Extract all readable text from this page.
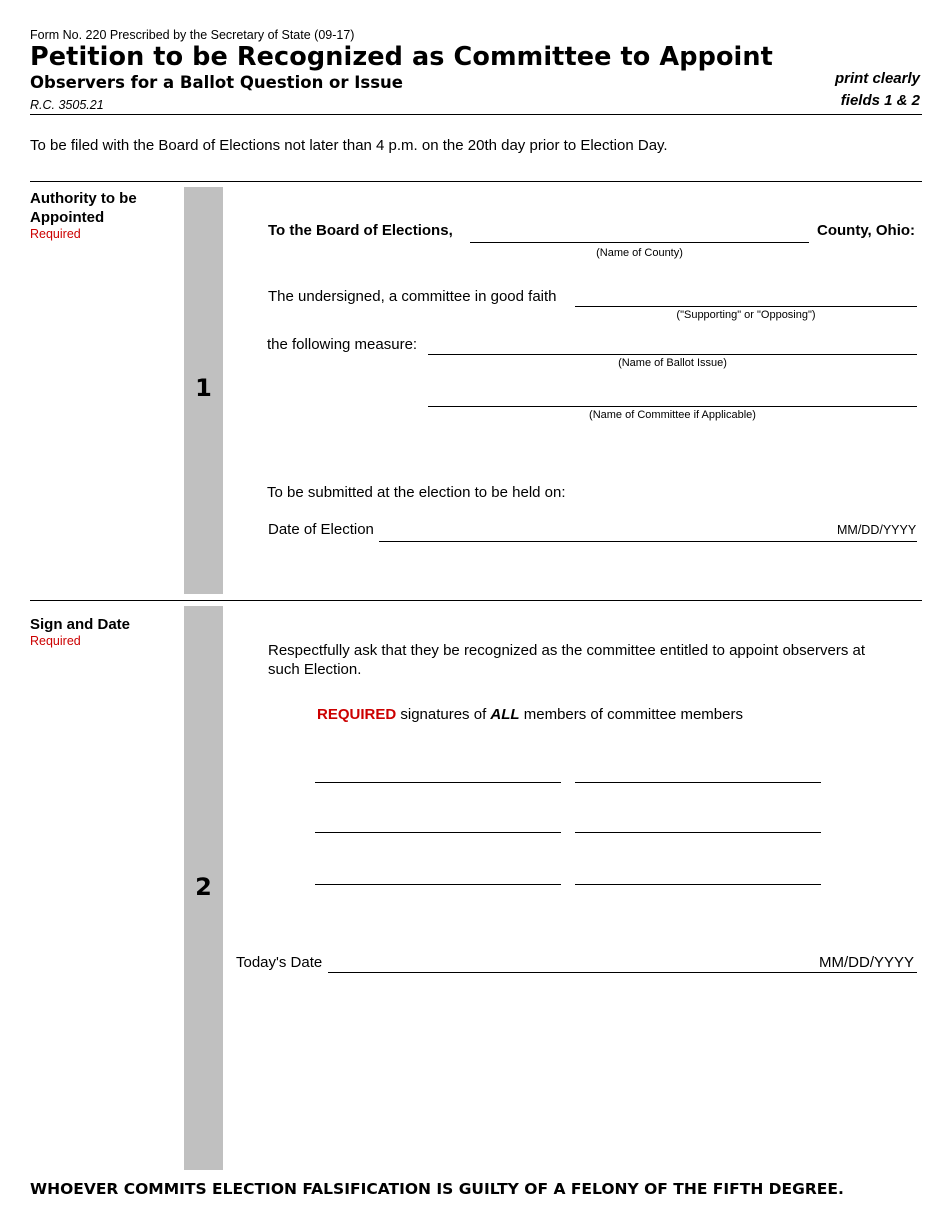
Form No. 220 Prescribed by the Secretary of State (09-17)
Petition to be Recognized as Committee to Appoint
Observers for a Ballot Question or Issue
R.C. 3505.21
print clearly
fields 1 & 2
To be filed with the Board of Elections not later than 4 p.m. on the 20th day prior to Election Day.
Authority to be Appointed
Required
1
To the Board of Elections,	County, Ohio:
(Name of County)
The undersigned, a committee in good faith
("Supporting" or "Opposing")
the following measure:
(Name of Ballot Issue)
(Name of Committee if Applicable)
To be submitted at the election to be held on:
Date of Election	MM/DD/YYYY
Sign and Date
Required
2
Respectfully ask that they be recognized as the committee entitled to appoint observers at such Election.
REQUIRED signatures of ALL members of committee members
Today's Date	MM/DD/YYYY
WHOEVER COMMITS ELECTION FALSIFICATION IS GUILTY OF A FELONY OF THE FIFTH DEGREE.
